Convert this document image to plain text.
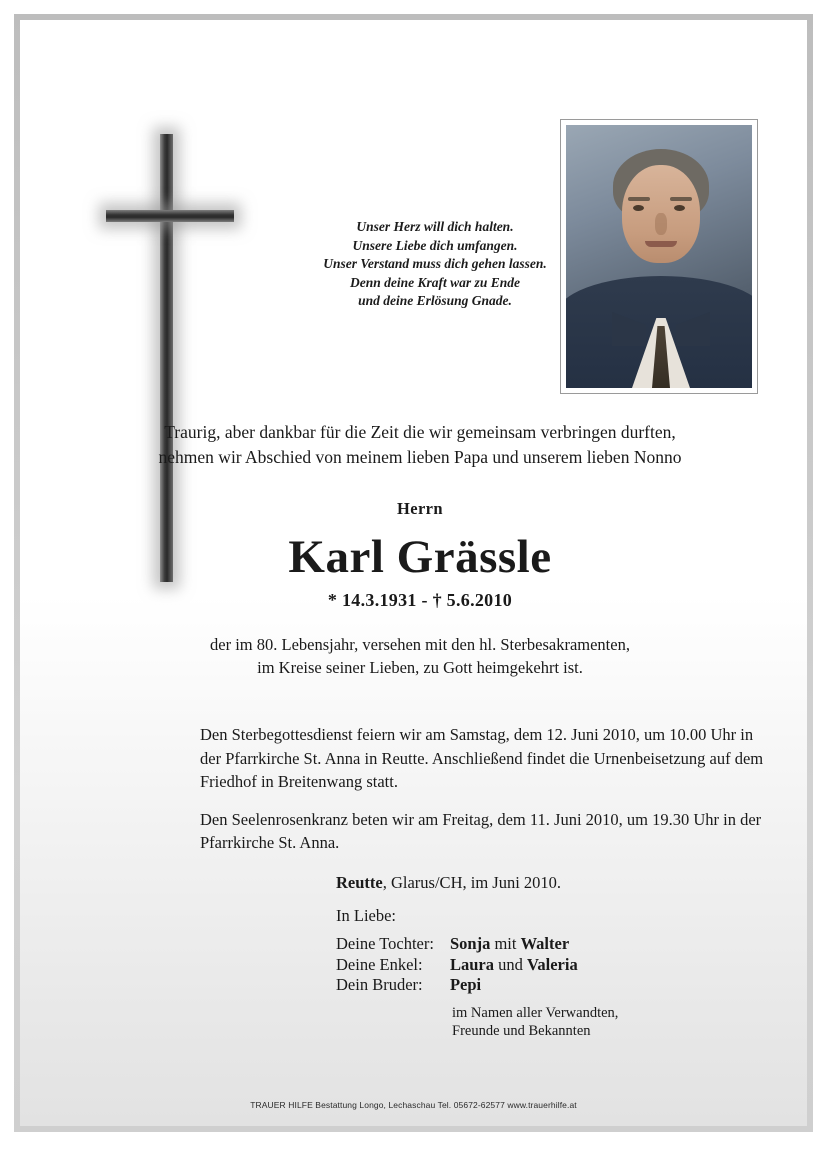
Unser Herz will dich halten.
Unsere Liebe dich umfangen.
Unser Verstand muss dich gehen lassen.
Denn deine Kraft war zu Ende
und deine Erlösung Gnade.
Traurig, aber dankbar für die Zeit die wir gemeinsam verbringen durften,
nehmen wir Abschied von meinem lieben Papa und unserem lieben Nonno
Herrn
Karl Grässle
* 14.3.1931 - † 5.6.2010
der im 80. Lebensjahr, versehen mit den hl. Sterbesakramenten,
im Kreise seiner Lieben, zu Gott heimgekehrt ist.

Den Sterbegottesdienst feiern wir am Samstag, dem 12. Juni 2010, um 10.00 Uhr in der Pfarrkirche St. Anna in Reutte. Anschließend findet die Urnenbeisetzung auf dem Friedhof in Breitenwang statt.

Den Seelenrosenkranz beten wir am Freitag, dem 11. Juni 2010, um 19.30 Uhr in der Pfarrkirche St. Anna.

Reutte, Glarus/CH, im Juni 2010.
In Liebe:
Deine Tochter:	Sonja mit Walter
Deine Enkel:	Laura und Valeria
Dein Bruder:	Pepi
im Namen aller Verwandten,
Freunde und Bekannten
TRAUER HILFE Bestattung Longo, Lechaschau Tel. 05672-62577 www.trauerhilfe.at
